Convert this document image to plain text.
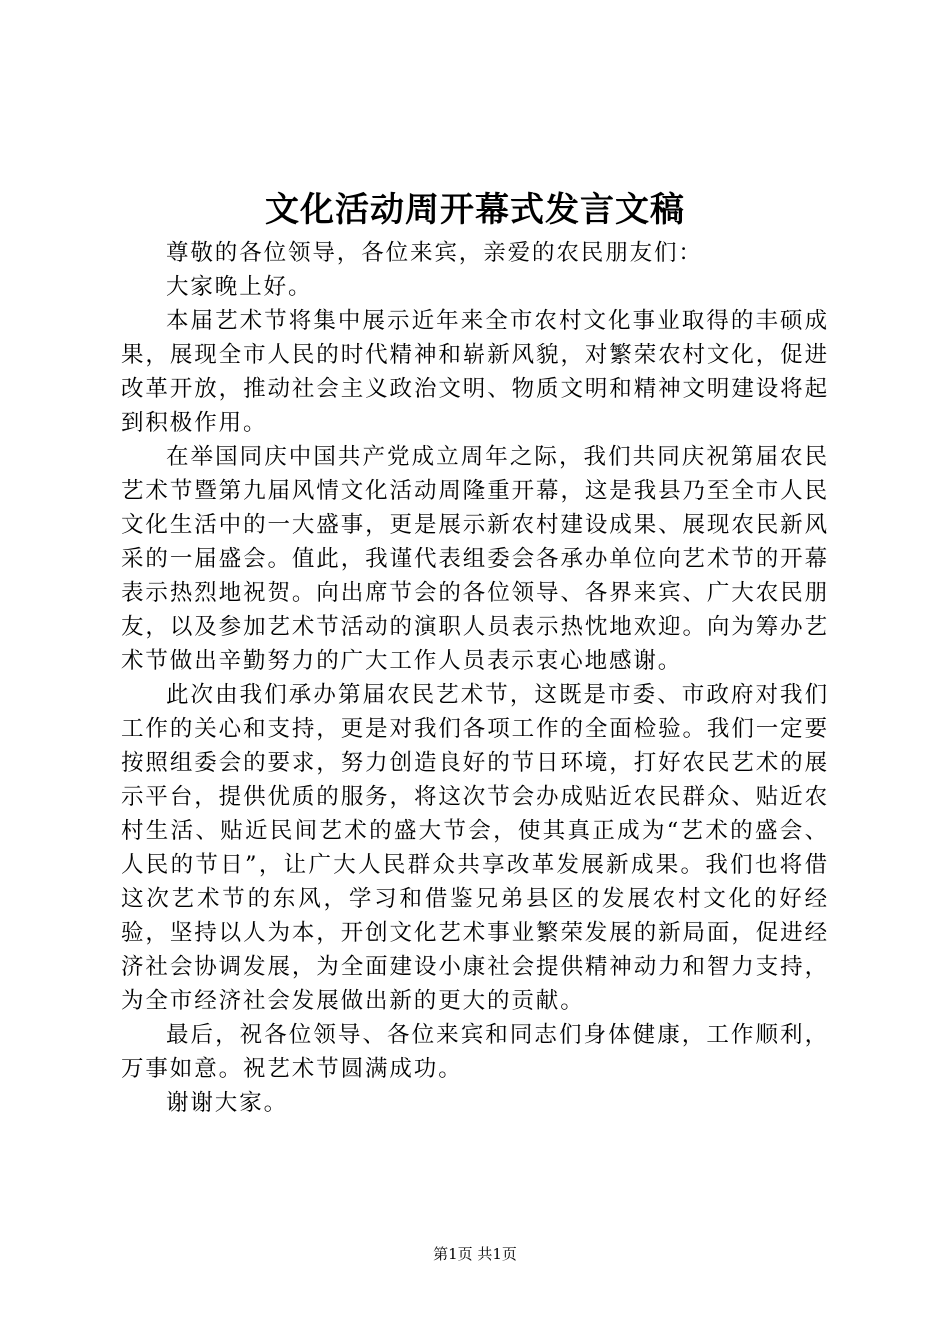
文化活动周开幕式发言文稿

尊敬的各位领导，各位来宾，亲爱的农民朋友们：

大家晚上好。

本届艺术节将集中展示近年来全市农村文化事业取得的丰硕成果，展现全市人民的时代精神和崭新风貌，对繁荣农村文化，促进改革开放，推动社会主义政治文明、物质文明和精神文明建设将起到积极作用。

在举国同庆中国共产党成立周年之际，我们共同庆祝第届农民艺术节暨第九届风情文化活动周隆重开幕，这是我县乃至全市人民文化生活中的一大盛事，更是展示新农村建设成果、展现农民新风采的一届盛会。值此，我谨代表组委会各承办单位向艺术节的开幕表示热烈地祝贺。向出席节会的各位领导、各界来宾、广大农民朋友，以及参加艺术节活动的演职人员表示热忱地欢迎。向为筹办艺术节做出辛勤努力的广大工作人员表示衷心地感谢。

此次由我们承办第届农民艺术节，这既是市委、市政府对我们工作的关心和支持，更是对我们各项工作的全面检验。我们一定要按照组委会的要求，努力创造良好的节日环境，打好农民艺术的展示平台，提供优质的服务，将这次节会办成贴近农民群众、贴近农村生活、贴近民间艺术的盛大节会，使其真正成为“艺术的盛会、人民的节日”，让广大人民群众共享改革发展新成果。我们也将借这次艺术节的东风，学习和借鉴兄弟县区的发展农村文化的好经验，坚持以人为本，开创文化艺术事业繁荣发展的新局面，促进经济社会协调发展，为全面建设小康社会提供精神动力和智力支持，为全市经济社会发展做出新的更大的贡献。

最后，祝各位领导、各位来宾和同志们身体健康，工作顺利，万事如意。祝艺术节圆满成功。

谢谢大家。

第1页 共1页
